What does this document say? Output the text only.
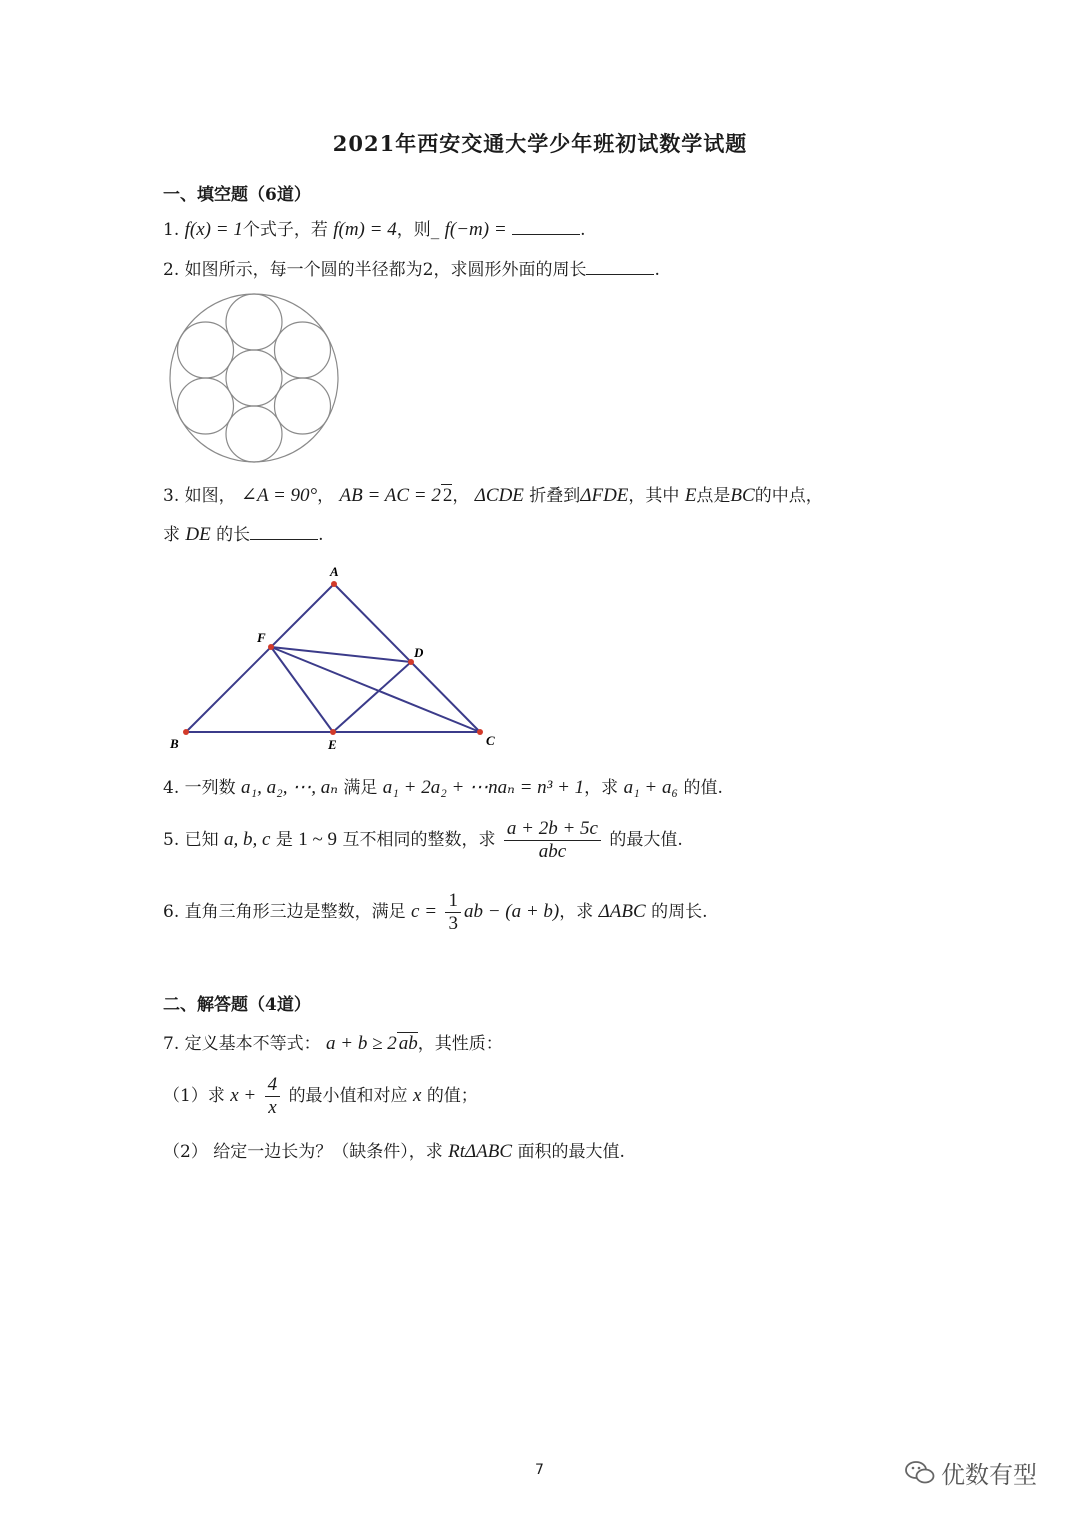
2021年西安交通大学少年班初试数学试题
一、填空题（6道）
1. f(x) = 1个式子，若 f(m) = 4，则_ f(−m) =	.
2. 如图所示，每一个圆的半径都为2，求圆形外面的周长	.
3. 如图， ∠A = 90°， AB = AC = 2 2， ΔCDE 折叠到ΔFDE，其中 E点是BC的中点，
求 DE 的长	.
A
B	C
D
E
F
4. 一列数 a₁, a₂, ⋯, aₙ 满足 a₁ + 2a₂ + ⋯naₙ = n³ + 1，求 a₁ + a₆ 的值.
5. 已知 a, b, c 是 1 ~ 9 互不相同的整数，求 $\frac{a + 2b + 5c}{\text{abc}}$ 的最大值.
6. 直角三角形三边是整数，满足 $c = \frac{1}{3}$ ab − (a + b)，求 ΔABC 的周长.
二、解答题（4道）
7. 定义基本不等式： a + b ≥ 2 ab，其性质：
（1）求 $x + \frac{4}{x}$ 的最小值和对应 x 的值；
（2） 给定一边长为？（缺条件），求 RtΔABC 面积的最大值.
7	优数有型
